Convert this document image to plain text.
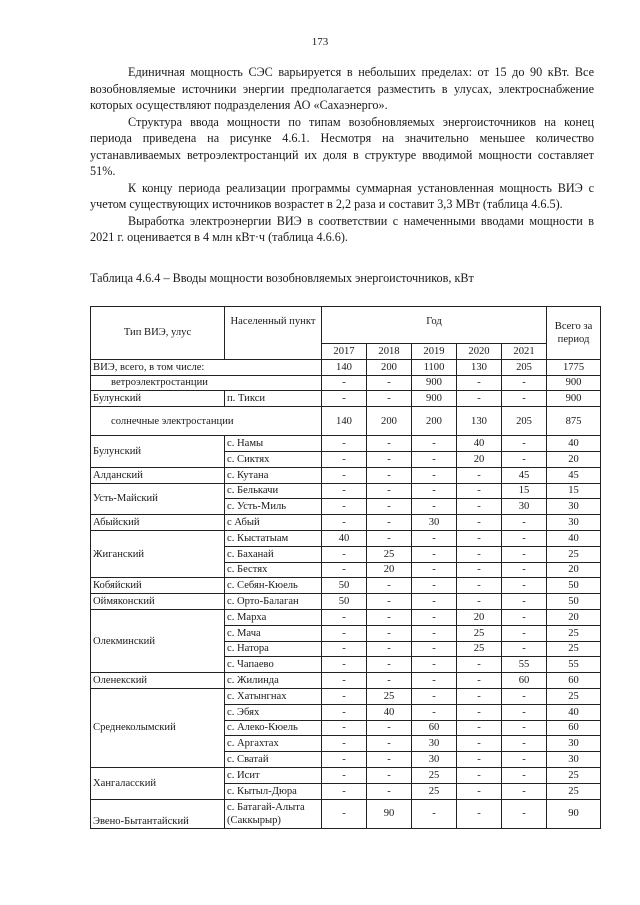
173

Единичная мощность СЭС варьируется в небольших пределах: от 15 до 90 кВт. Все возобновляемые источники энергии предполагается разместить в улусах, электроснабжение которых осуществляют подразделения АО «Сахаэнерго».

Структура ввода мощности по типам возобновляемых энергоисточников на конец периода приведена на рисунке 4.6.1. Несмотря на значительно меньшее количество устанавливаемых ветроэлектростанций их доля в структуре вводимой мощности составляет 51%.

К концу периода реализации программы суммарная установленная мощность ВИЭ с учетом существующих источников возрастет в 2,2 раза и составит 3,3 МВт (таблица 4.6.5).

Выработка электроэнергии ВИЭ в соответствии с намеченными вводами мощности в 2021 г. оценивается в 4 млн кВт·ч (таблица 4.6.6).

Таблица 4.6.4 – Вводы мощности возобновляемых энергоисточников, кВт
Тип ВИЭ, улус	Населенный пункт	Год					Всего за период
		2017	2018	2019	2020	2021	
ВИЭ, всего, в том числе:		140	200	1100	130	205	1775
ветроэлектростанции		-	-	900	-	-	900
Булунский	п. Тикси	-	-	900	-	-	900
солнечные электростанции		140	200	200	130	205	875
Булунский	с. Намы	-	-	-	40	-	40
	с. Сиктях	-	-	-	20	-	20
Алданский	с. Кутана	-	-	-	-	45	45
Усть-Майский	с. Белькачи	-	-	-	-	15	15
	с. Усть-Миль	-	-	-	-	30	30
Абыйский	с Абый	-	-	30	-	-	30
Жиганский	с. Кыстатыам	40	-	-	-	-	40
	с. Баханай	-	25	-	-	-	25
	с. Бестях	-	20	-	-	-	20
Кобяйский	с. Себян-Кюель	50	-	-	-	-	50
Оймяконский	с. Орто-Балаган	50	-	-	-	-	50
Олекминский	с. Марха	-	-	-	20	-	20
	с. Мача	-	-	-	25	-	25
	с. Натора	-	-	-	25	-	25
	с. Чапаево	-	-	-	-	55	55
Оленекский	с. Жилинда	-	-	-	-	60	60
Среднеколымский	с. Хатынгнах	-	25	-	-	-	25
	с. Эбях	-	40	-	-	-	40
	с. Алеко-Кюель	-	-	60	-	-	60
	с. Аргахтах	-	-	30	-	-	30
	с. Сватай	-	-	30	-	-	30
Хангаласский	с. Исит	-	-	25	-	-	25
	с. Кытыл-Дюра	-	-	25	-	-	25
Эвено-Бытантайский	с. Батагай-Алыта (Саккырыр)	-	90	-	-	-	90
